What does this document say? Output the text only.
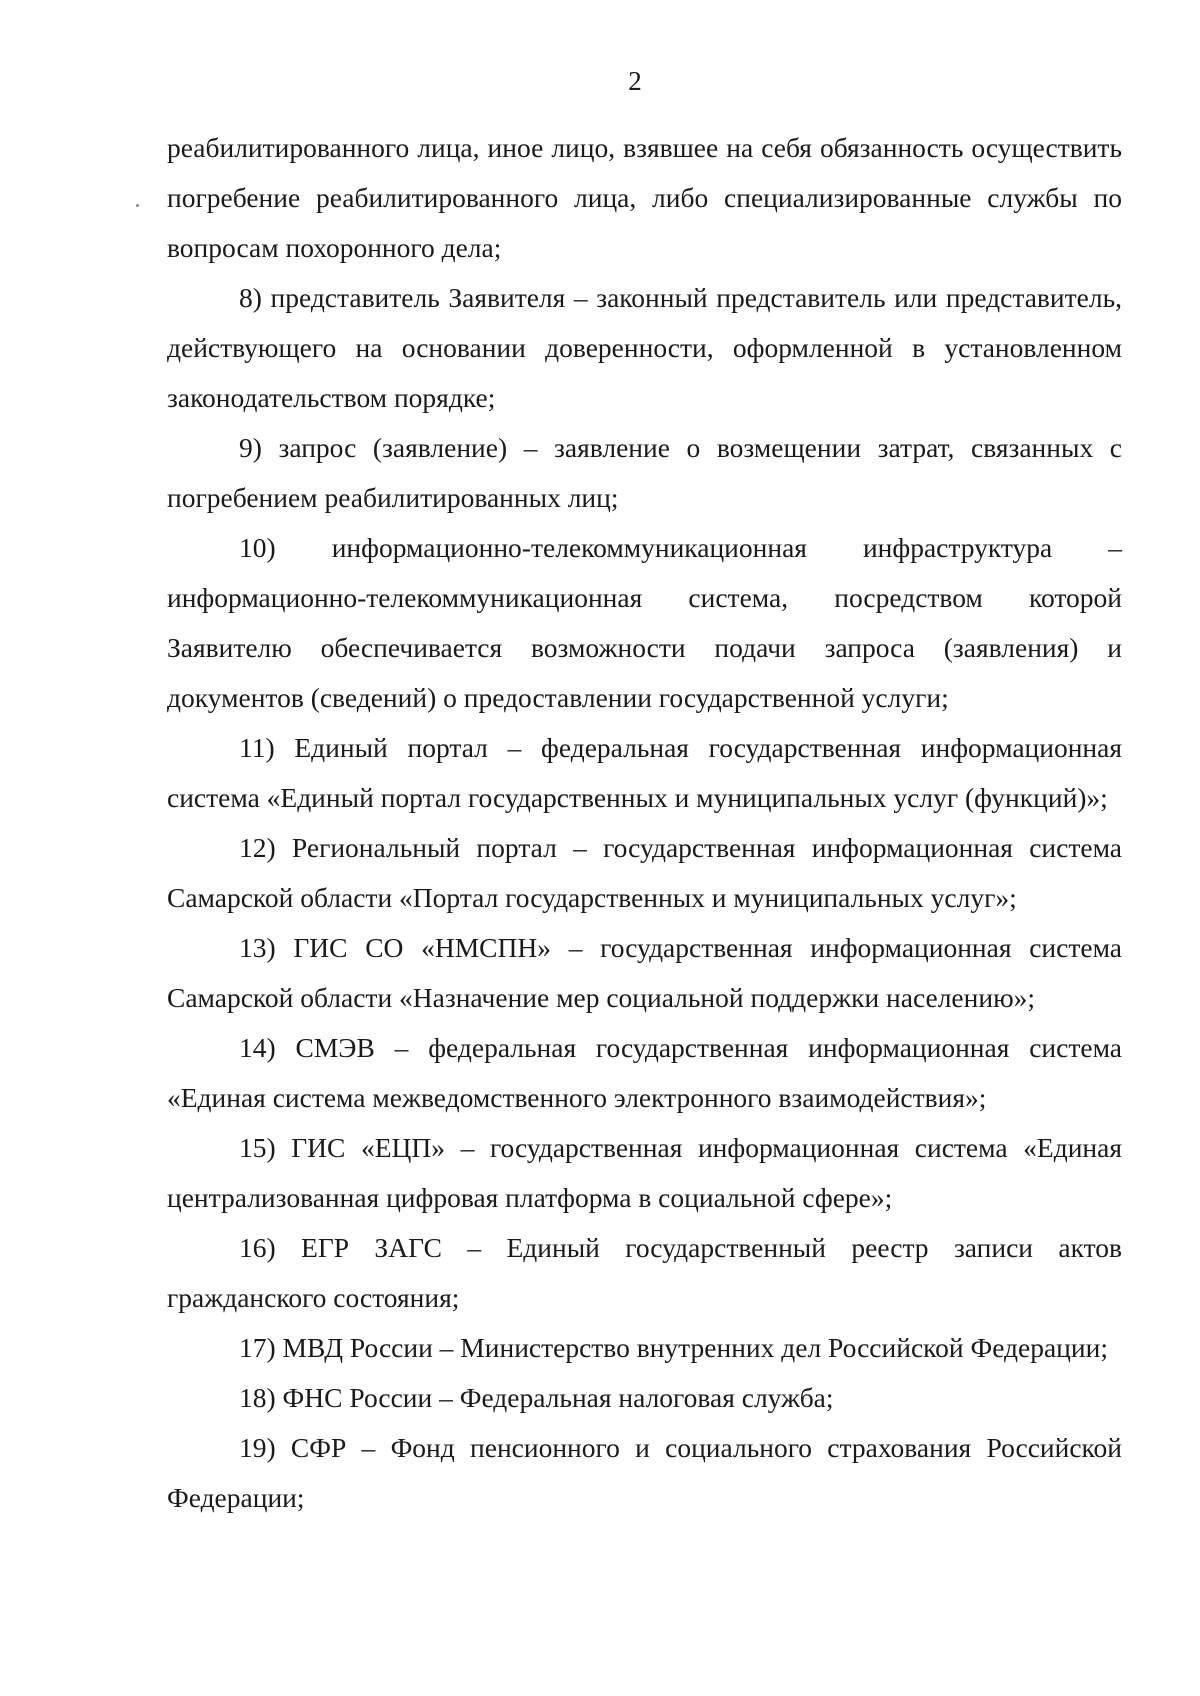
2

реабилитированного лица, иное лицо, взявшее на себя обязанность осуществить погребение реабилитированного лица, либо специализированные службы по вопросам похоронного дела;

8) представитель Заявителя – законный представитель или представитель, действующего на основании доверенности, оформленной в установленном законодательством порядке;

9) запрос (заявление) – заявление о возмещении затрат, связанных с погребением реабилитированных лиц;

10) информационно-телекоммуникационная инфраструктура – информационно-телекоммуникационная система, посредством которой Заявителю обеспечивается возможности подачи запроса (заявления) и документов (сведений) о предоставлении государственной услуги;

11) Единый портал – федеральная государственная информационная система «Единый портал государственных и муниципальных услуг (функций)»;

12) Региональный портал – государственная информационная система Самарской области «Портал государственных и муниципальных услуг»;

13) ГИС СО «НМСПН» – государственная информационная система Самарской области «Назначение мер социальной поддержки населению»;

14) СМЭВ – федеральная государственная информационная система «Единая система межведомственного электронного взаимодействия»;

15) ГИС «ЕЦП» – государственная информационная система «Единая централизованная цифровая платформа в социальной сфере»;

16) ЕГР ЗАГС – Единый государственный реестр записи актов гражданского состояния;

17) МВД России – Министерство внутренних дел Российской Федерации;

18) ФНС России – Федеральная налоговая служба;

19) СФР – Фонд пенсионного и социального страхования Российской Федерации;
